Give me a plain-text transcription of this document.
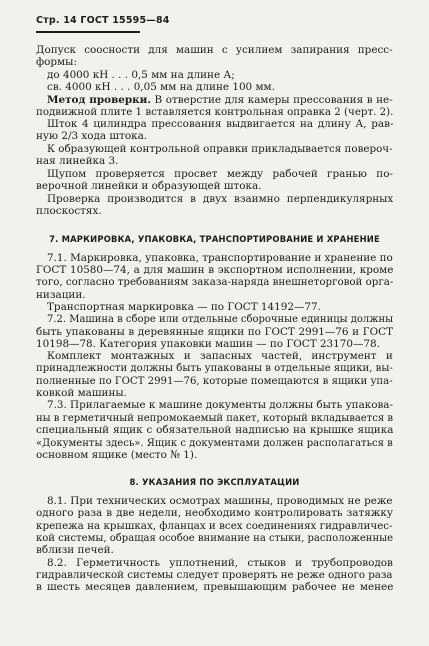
Стр. 14 ГОСТ 15595—84
Допуск соосности для машин с усилием запирания пресс-
формы:
до 4000 кН . . . 0,5 мм на длине А;
св. 4000 кН . . . 0,05 мм на длине 100 мм.
Метод проверки. В отверстие для камеры прессования в не-
подвижной плите 1 вставляется контрольная оправка 2 (черт. 2).
Шток 4 цилиндра прессования выдвигается на длину А, рав-
ную 2/3 хода штока.
К образующей контрольной оправки прикладывается повероч-
ная линейка 3.
Щупом проверяется просвет между рабочей гранью по-
верочной линейки и образующей штока.
Проверка производится в двух взаимно перпендикулярных
плоскостях.
7. МАРКИРОВКА, УПАКОВКА, ТРАНСПОРТИРОВАНИЕ И ХРАНЕНИЕ
7.1. Маркировка, упаковка, транспортирование и хранение по
ГОСТ 10580—74, а для машин в экспортном исполнении, кроме
того, согласно требованиям заказа-наряда внешнеторговой орга-
низации.
Транспортная маркировка — по ГОСТ 14192—77.
7.2. Машина в сборе или отдельные сборочные единицы должны
быть упакованы в деревянные ящики по ГОСТ 2991—76 и ГОСТ
10198—78. Категория упаковки машин — по ГОСТ 23170—78.
Комплект монтажных и запасных частей, инструмент и
принадлежности должны быть упакованы в отдельные ящики, вы-
полненные по ГОСТ 2991—76, которые помещаются в ящики упа-
ковкой машины.
7.3. Прилагаемые к машине документы должны быть упакова-
ны в герметичный непромокаемый пакет, который вкладывается в
специальный ящик с обязательной надписью на крышке ящика
«Документы здесь». Ящик с документами должен располагаться в
основном ящике (место № 1).
8. УКАЗАНИЯ ПО ЭКСПЛУАТАЦИИ
8.1. При технических осмотрах машины, проводимых не реже
одного раза в две недели, необходимо контролировать затяжку
крепежа на крышках, фланцах и всех соединениях гидравличес-
кой системы, обращая особое внимание на стыки, расположенные
вблизи печей.
8.2. Герметичность уплотнений, стыков и трубопроводов
гидравлической системы следует проверять не реже одного раза
в шесть месяцев давлением, превышающим рабочее не менее
